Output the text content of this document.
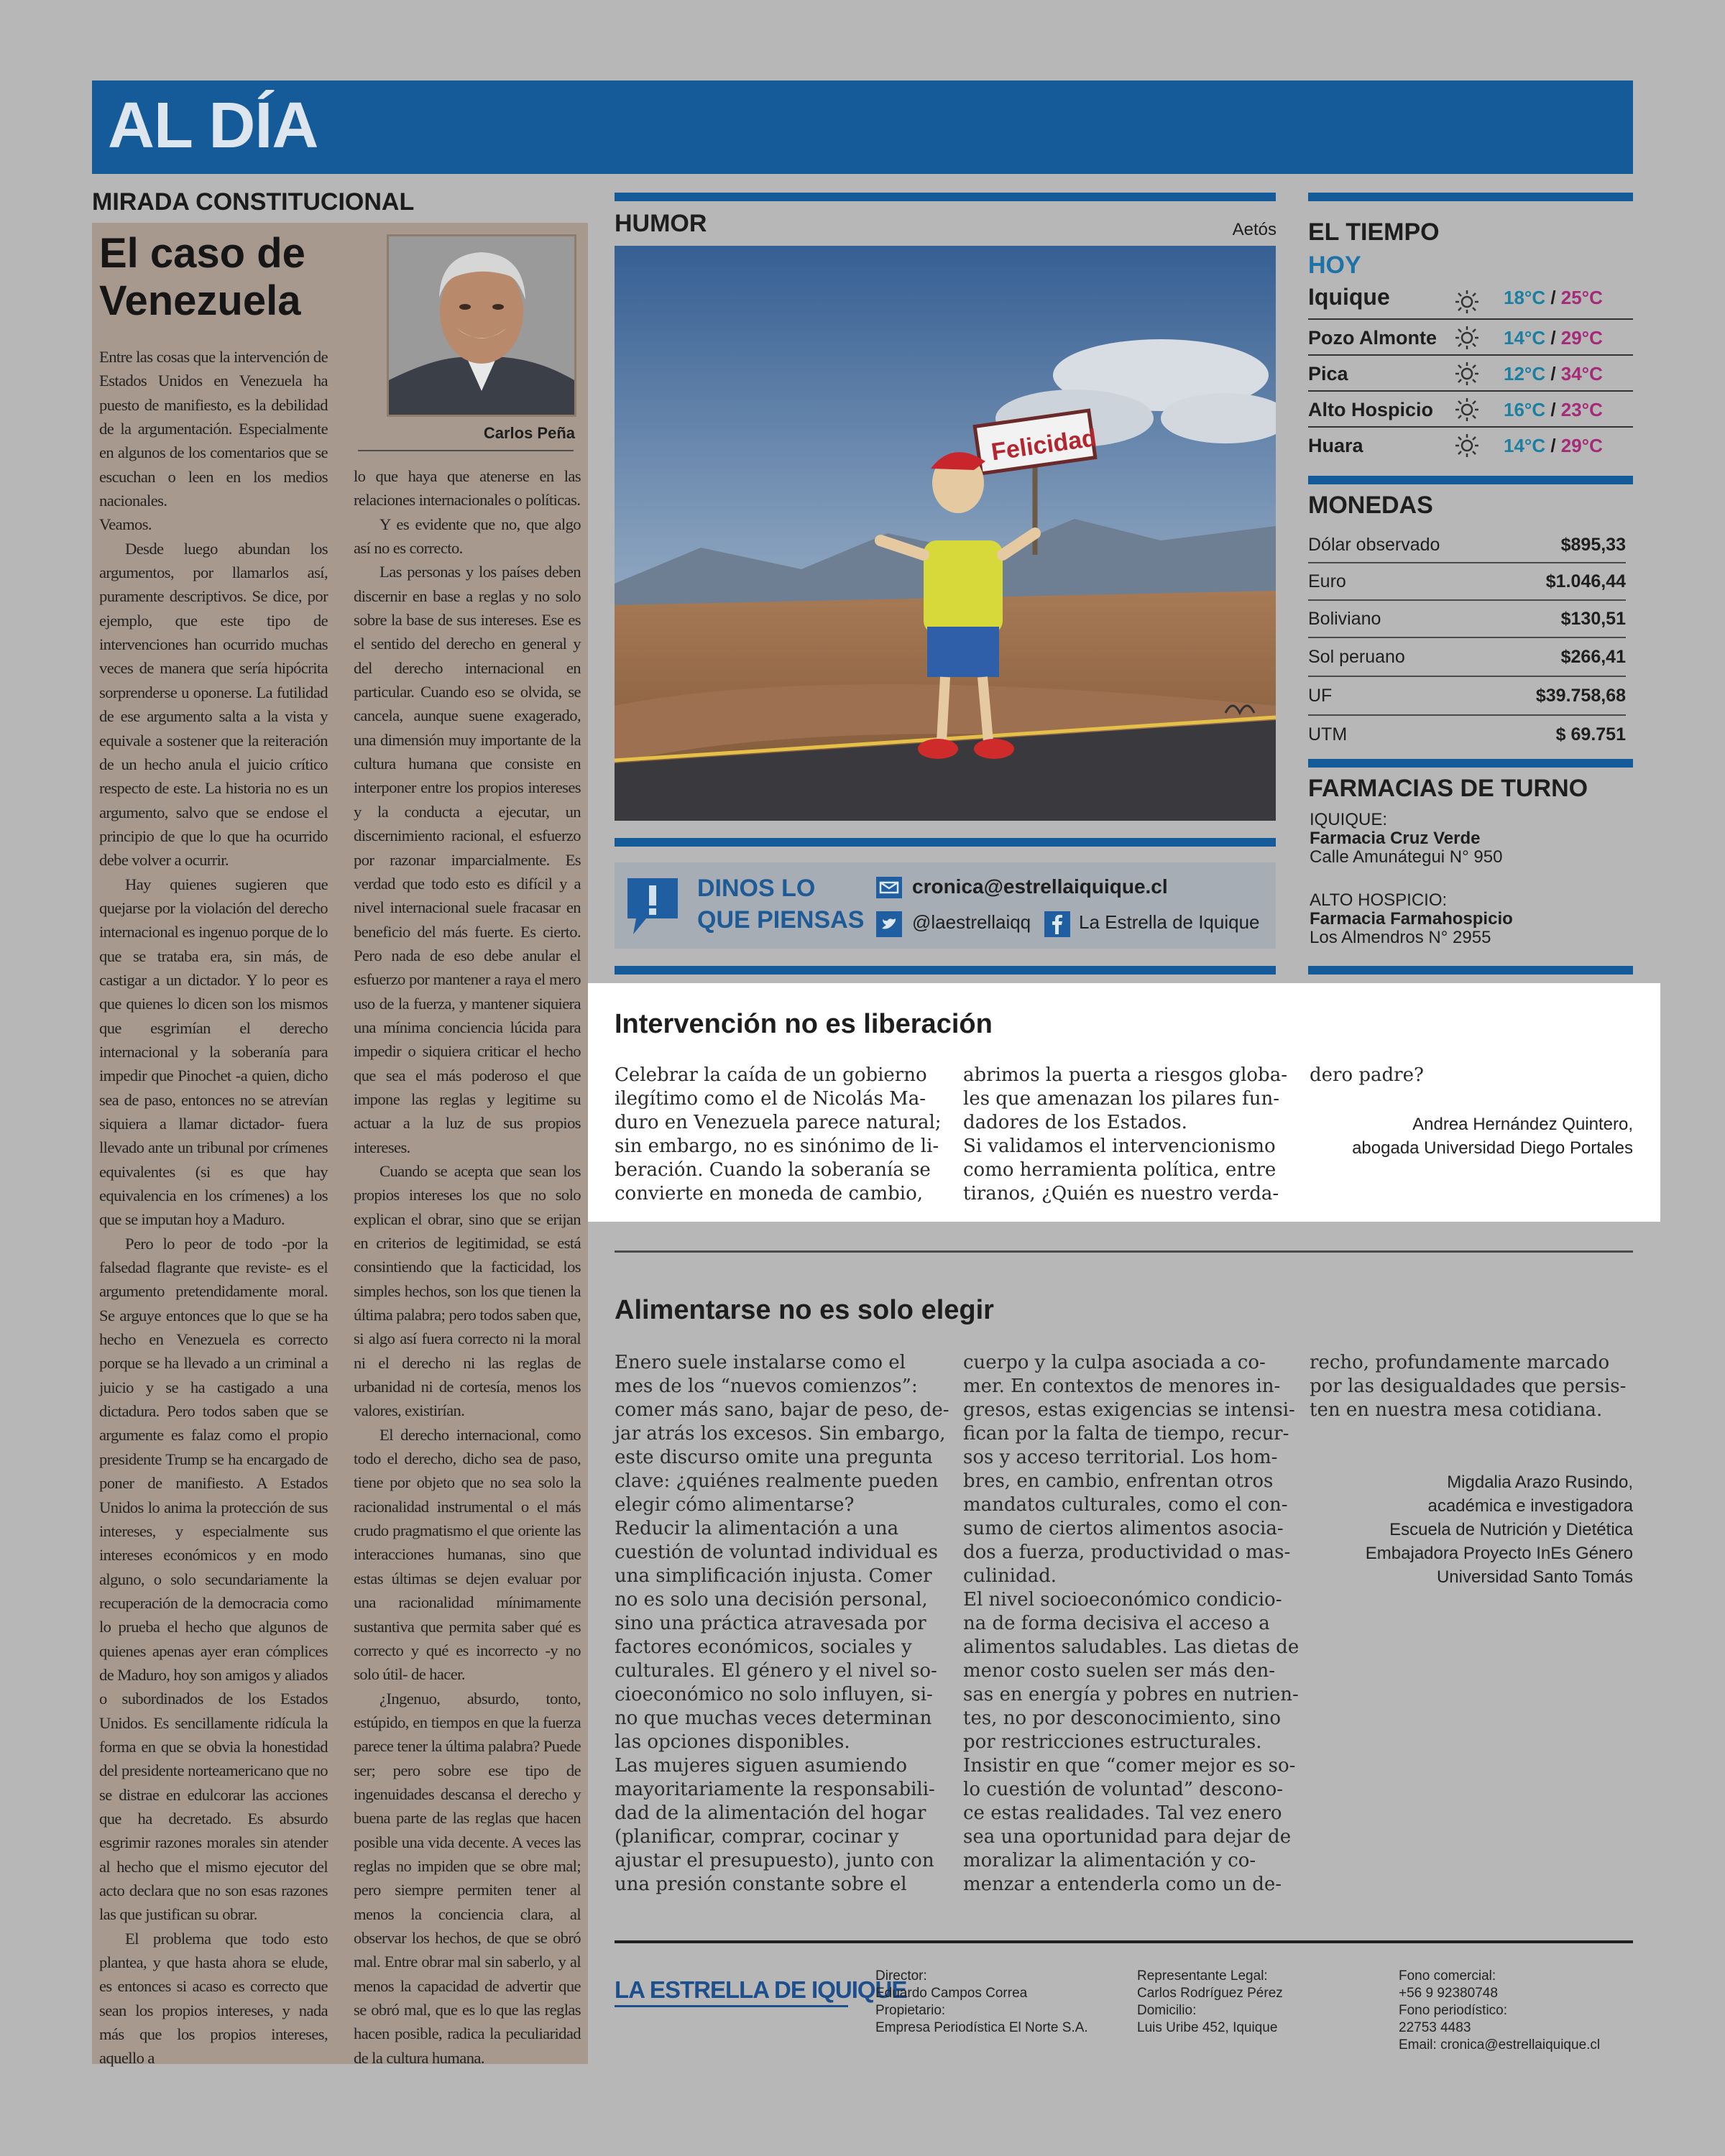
AL DÍA
MIRADA CONSTITUCIONAL
El caso de
Venezuela
Carlos Peña

Entre las cosas que la intervención de Estados Unidos en Venezuela ha puesto de manifiesto, es la debilidad de la argumentación. Especialmente en algunos de los comentarios que se escuchan o leen en los medios nacionales.

Veamos.

Desde luego abundan los argumentos, por llamarlos así, puramente descriptivos. Se dice, por ejemplo, que este tipo de intervenciones han ocurrido muchas veces de manera que sería hipócrita sorprenderse u oponerse. La futilidad de ese argumento salta a la vista y equivale a sostener que la reiteración de un hecho anula el juicio crítico respecto de este. La historia no es un argumento, salvo que se endose el principio de que lo que ha ocurrido debe volver a ocurrir.

Hay quienes sugieren que quejarse por la violación del derecho internacional es ingenuo porque de lo que se trataba era, sin más, de castigar a un dictador. Y lo peor es que quienes lo dicen son los mismos que esgrimían el derecho internacional y la soberanía para impedir que Pinochet -a quien, dicho sea de paso, entonces no se atrevían siquiera a llamar dictador- fuera llevado ante un tribunal por crímenes equivalentes (si es que hay equivalencia en los crímenes) a los que se imputan hoy a Maduro.

Pero lo peor de todo -por la falsedad flagrante que reviste- es el argumento pretendidamente moral. Se arguye entonces que lo que se ha hecho en Venezuela es correcto porque se ha llevado a un criminal a juicio y se ha castigado a una dictadura. Pero todos saben que se argumente es falaz como el propio presidente Trump se ha encargado de poner de manifiesto. A Estados Unidos lo anima la protección de sus intereses, y especialmente sus intereses económicos y en modo alguno, o solo secundariamente la recuperación de la democracia como lo prueba el hecho que algunos de quienes apenas ayer eran cómplices de Maduro, hoy son amigos y aliados o subordinados de los Estados Unidos. Es sencillamente ridícula la forma en que se obvia la honestidad del presidente norteamericano que no se distrae en edulcorar las acciones que ha decretado. Es absurdo esgrimir razones morales sin atender al hecho que el mismo ejecutor del acto declara que no son esas razones las que justifican su obrar.

El problema que todo esto plantea, y que hasta ahora se elude, es entonces si acaso es correcto que sean los propios intereses, y nada más que los propios intereses, aquello a

lo que haya que atenerse en las relaciones internacionales o políticas.

Y es evidente que no, que algo así no es correcto.

Las personas y los países deben discernir en base a reglas y no solo sobre la base de sus intereses. Ese es el sentido del derecho en general y del derecho internacional en particular. Cuando eso se olvida, se cancela, aunque suene exagerado, una dimensión muy importante de la cultura humana que consiste en interponer entre los propios intereses y la conducta a ejecutar, un discernimiento racional, el esfuerzo por razonar imparcialmente. Es verdad que todo esto es difícil y a nivel internacional suele fracasar en beneficio del más fuerte. Es cierto. Pero nada de eso debe anular el esfuerzo por mantener a raya el mero uso de la fuerza, y mantener siquiera una mínima conciencia lúcida para impedir o siquiera criticar el hecho que sea el más poderoso el que impone las reglas y legitime su actuar a la luz de sus propios intereses.

Cuando se acepta que sean los propios intereses los que no solo explican el obrar, sino que se erijan en criterios de legitimidad, se está consintiendo que la facticidad, los simples hechos, son los que tienen la última palabra; pero todos saben que, si algo así fuera correcto ni la moral ni el derecho ni las reglas de urbanidad ni de cortesía, menos los valores, existirían.

El derecho internacional, como todo el derecho, dicho sea de paso, tiene por objeto que no sea solo la racionalidad instrumental o el más crudo pragmatismo el que oriente las interacciones humanas, sino que estas últimas se dejen evaluar por una racionalidad mínimamente sustantiva que permita saber qué es correcto y qué es incorrecto -y no solo útil- de hacer.

¿Ingenuo, absurdo, tonto, estúpido, en tiempos en que la fuerza parece tener la última palabra? Puede ser; pero sobre ese tipo de ingenuidades descansa el derecho y buena parte de las reglas que hacen posible una vida decente. A veces las reglas no impiden que se obre mal; pero siempre permiten tener al menos la conciencia clara, al observar los hechos, de que se obró mal. Entre obrar mal sin saberlo, y al menos la capacidad de advertir que se obró mal, que es lo que las reglas hacen posible, radica la peculiaridad de la cultura humana.

HUMOR	Aetós
Felicidad
DINOS LO
QUE PIENSAS
cronica@estrellaiquique.cl
@laestrellaiqq	La Estrella de Iquique
EL TIEMPO
HOY
Iquique	18°C / 25°C
Pozo Almonte	14°C / 29°C
Pica	12°C / 34°C
Alto Hospicio	16°C / 23°C
Huara	14°C / 29°C
MONEDAS
Dólar observado	$895,33
Euro	$1.046,44
Boliviano	$130,51
Sol peruano	$266,41
UF	$39.758,68
UTM	$ 69.751
FARMACIAS DE TURNO
IQUIQUE:
Farmacia Cruz Verde
Calle Amunátegui N° 950
ALTO HOSPICIO:
Farmacia Farmahospicio
Los Almendros N° 2955
Intervención no es liberación
Celebrar la caída de un gobierno
ilegítimo como el de Nicolás Ma-
duro en Venezuela parece natural;
sin embargo, no es sinónimo de li-
beración. Cuando la soberanía se
convierte en moneda de cambio,
abrimos la puerta a riesgos globa-
les que amenazan los pilares fun-
dadores de los Estados.
Si validamos el intervencionismo
como herramienta política, entre
tiranos, ¿Quién es nuestro verda-
dero padre?
Andrea Hernández Quintero,
abogada Universidad Diego Portales
Alimentarse no es solo elegir
Enero suele instalarse como el
mes de los “nuevos comienzos”:
comer más sano, bajar de peso, de-
jar atrás los excesos. Sin embargo,
este discurso omite una pregunta
clave: ¿quiénes realmente pueden
elegir cómo alimentarse?
Reducir la alimentación a una
cuestión de voluntad individual es
una simplificación injusta. Comer
no es solo una decisión personal,
sino una práctica atravesada por
factores económicos, sociales y
culturales. El género y el nivel so-
cioeconómico no solo influyen, si-
no que muchas veces determinan
las opciones disponibles.
Las mujeres siguen asumiendo
mayoritariamente la responsabili-
dad de la alimentación del hogar
(planificar, comprar, cocinar y
ajustar el presupuesto), junto con
una presión constante sobre el
cuerpo y la culpa asociada a co-
mer. En contextos de menores in-
gresos, estas exigencias se intensi-
fican por la falta de tiempo, recur-
sos y acceso territorial. Los hom-
bres, en cambio, enfrentan otros
mandatos culturales, como el con-
sumo de ciertos alimentos asocia-
dos a fuerza, productividad o mas-
culinidad.
El nivel socioeconómico condicio-
na de forma decisiva el acceso a
alimentos saludables. Las dietas de
menor costo suelen ser más den-
sas en energía y pobres en nutrien-
tes, no por desconocimiento, sino
por restricciones estructurales.
Insistir en que “comer mejor es so-
lo cuestión de voluntad” descono-
ce estas realidades. Tal vez enero
sea una oportunidad para dejar de
moralizar la alimentación y co-
menzar a entenderla como un de-
recho, profundamente marcado
por las desigualdades que persis-
ten en nuestra mesa cotidiana.
Migdalia Arazo Rusindo,
académica e investigadora
Escuela de Nutrición y Dietética
Embajadora Proyecto InEs Género
Universidad Santo Tomás
LA ESTRELLA DE IQUIQUE
Director:
Eduardo Campos Correa
Propietario:
Empresa Periodística El Norte S.A.
Representante Legal:
Carlos Rodríguez Pérez
Domicilio:
Luis Uribe 452, Iquique
Fono comercial:
+56 9 92380748
Fono periodístico:
22753 4483
Email: cronica@estrellaiquique.cl
